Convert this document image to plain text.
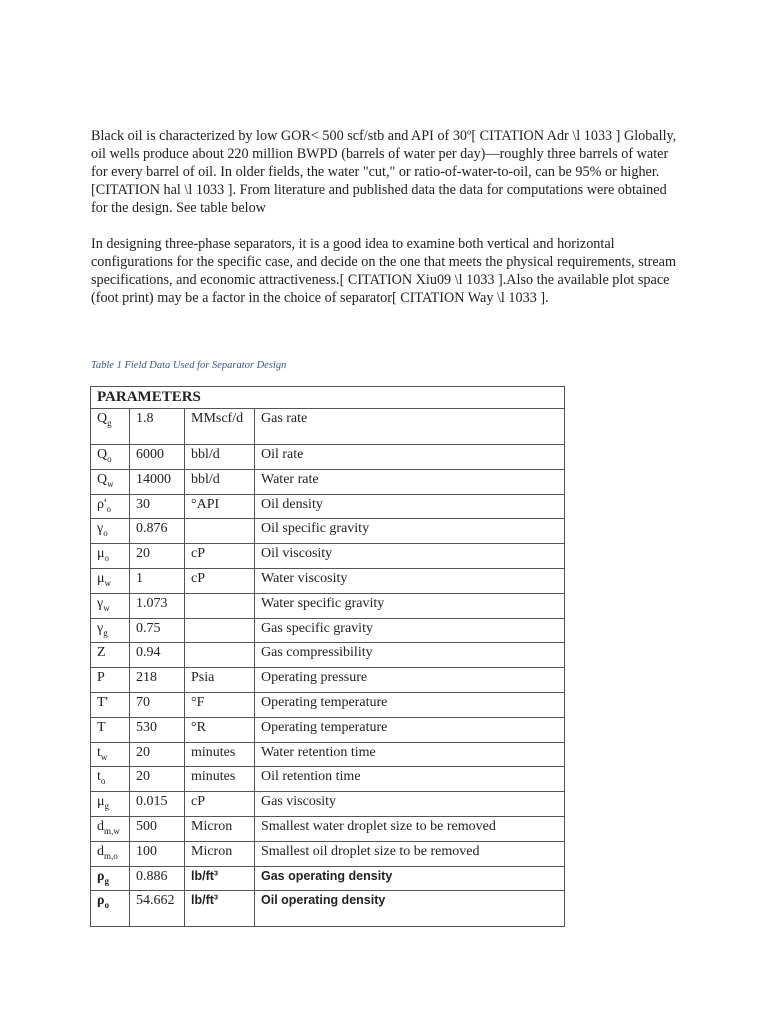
Black oil is characterized by low GOR< 500 scf/stb and API of 30º[ CITATION Adr \l 1033 ] Globally, oil wells produce about 220 million BWPD (barrels of water per day)—roughly three barrels of water for every barrel of oil. In older fields, the water "cut," or ratio-of-water-to-oil, can be 95% or higher.[CITATION hal \l 1033 ]. From literature and published data the data for computations were obtained for the design. See table below

In designing three-phase separators, it is a good idea to examine both vertical and horizontal configurations for the specific case, and decide on the one that meets the physical requirements, stream specifications, and economic attractiveness.[ CITATION Xiu09 \l 1033 ].Also the available plot space (foot print) may be a factor in the choice of separator[ CITATION Way \l 1033 ].

Table 1 Field Data Used for Separator Design

PARAMETERS			
$Q_g$	1.8	MMscf/d	Gas rate
$Q_o$	6000	bbl/d	Oil rate
$Q_w$	14000	bbl/d	Water rate
$\rho'_o$	30	°API	Oil density
$\gamma_o$	0.876		Oil specific gravity
$\mu_o$	20	cP	Oil viscosity
$\mu_w$	1	cP	Water viscosity
$\gamma_w$	1.073		Water specific gravity
$\gamma_g$	0.75		Gas specific gravity
Z	0.94		Gas compressibility
P	218	Psia	Operating pressure
T'	70	°F	Operating temperature
T	530	°R	Operating temperature
$t_w$	20	minutes	Water retention time
$t_o$	20	minutes	Oil retention time
$\mu_g$	0.015	cP	Gas viscosity
$d_{m,w}$	500	Micron	Smallest water droplet size to be removed
$d_{m,o}$	100	Micron	Smallest oil droplet size to be removed
$\rho_g$	0.886	lb/ft³	Gas operating density
$\rho_o$	54.662	lb/ft³	Oil operating density
